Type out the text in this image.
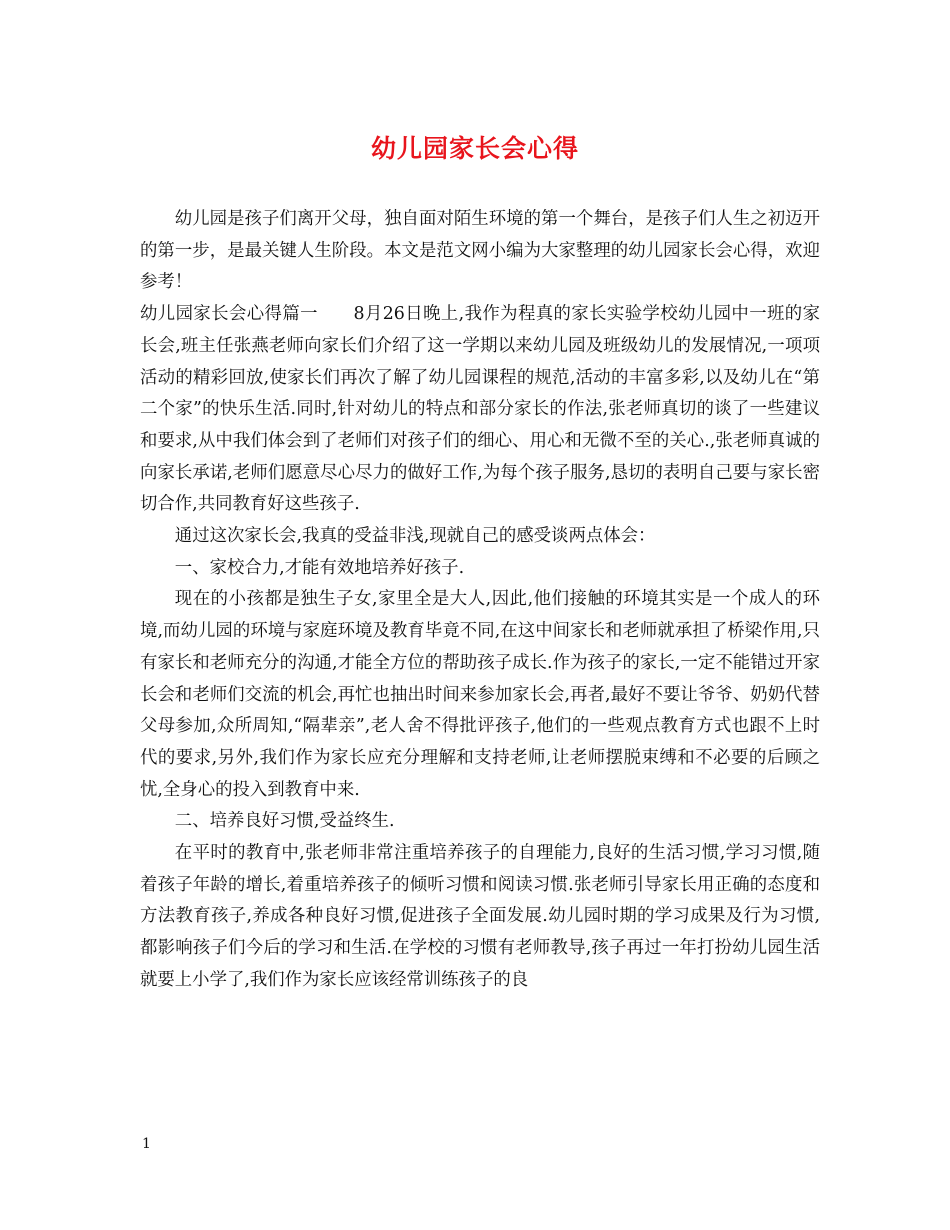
幼儿园家长会心得

幼儿园是孩子们离开父母，独自面对陌生环境的第一个舞台，是孩子们人生之初迈开的第一步，是最关键人生阶段。本文是范文网小编为大家整理的幼儿园家长会心得，欢迎参考！

幼儿园家长会心得篇一　　8月26日晚上,我作为程真的家长实验学校幼儿园中一班的家长会,班主任张燕老师向家长们介绍了这一学期以来幼儿园及班级幼儿的发展情况,一项项活动的精彩回放,使家长们再次了解了幼儿园课程的规范,活动的丰富多彩,以及幼儿在“第二个家”的快乐生活.同时,针对幼儿的特点和部分家长的作法,张老师真切的谈了一些建议和要求,从中我们体会到了老师们对孩子们的细心、用心和无微不至的关心.,张老师真诚的向家长承诺,老师们愿意尽心尽力的做好工作,为每个孩子服务,恳切的表明自己要与家长密切合作,共同教育好这些孩子.

通过这次家长会,我真的受益非浅,现就自己的感受谈两点体会：

一、家校合力,才能有效地培养好孩子.

现在的小孩都是独生子女,家里全是大人,因此,他们接触的环境其实是一个成人的环境,而幼儿园的环境与家庭环境及教育毕竟不同,在这中间家长和老师就承担了桥梁作用,只有家长和老师充分的沟通,才能全方位的帮助孩子成长.作为孩子的家长,一定不能错过开家长会和老师们交流的机会,再忙也抽出时间来参加家长会,再者,最好不要让爷爷、奶奶代替父母参加,众所周知,“隔辈亲”,老人舍不得批评孩子,他们的一些观点教育方式也跟不上时代的要求,另外,我们作为家长应充分理解和支持老师,让老师摆脱束缚和不必要的后顾之忧,全身心的投入到教育中来.

二、培养良好习惯,受益终生.

在平时的教育中,张老师非常注重培养孩子的自理能力,良好的生活习惯,学习习惯,随着孩子年龄的增长,着重培养孩子的倾听习惯和阅读习惯.张老师引导家长用正确的态度和方法教育孩子,养成各种良好习惯,促进孩子全面发展.幼儿园时期的学习成果及行为习惯,都影响孩子们今后的学习和生活.在学校的习惯有老师教导,孩子再过一年打扮幼儿园生活就要上小学了,我们作为家长应该经常训练孩子的良

1
